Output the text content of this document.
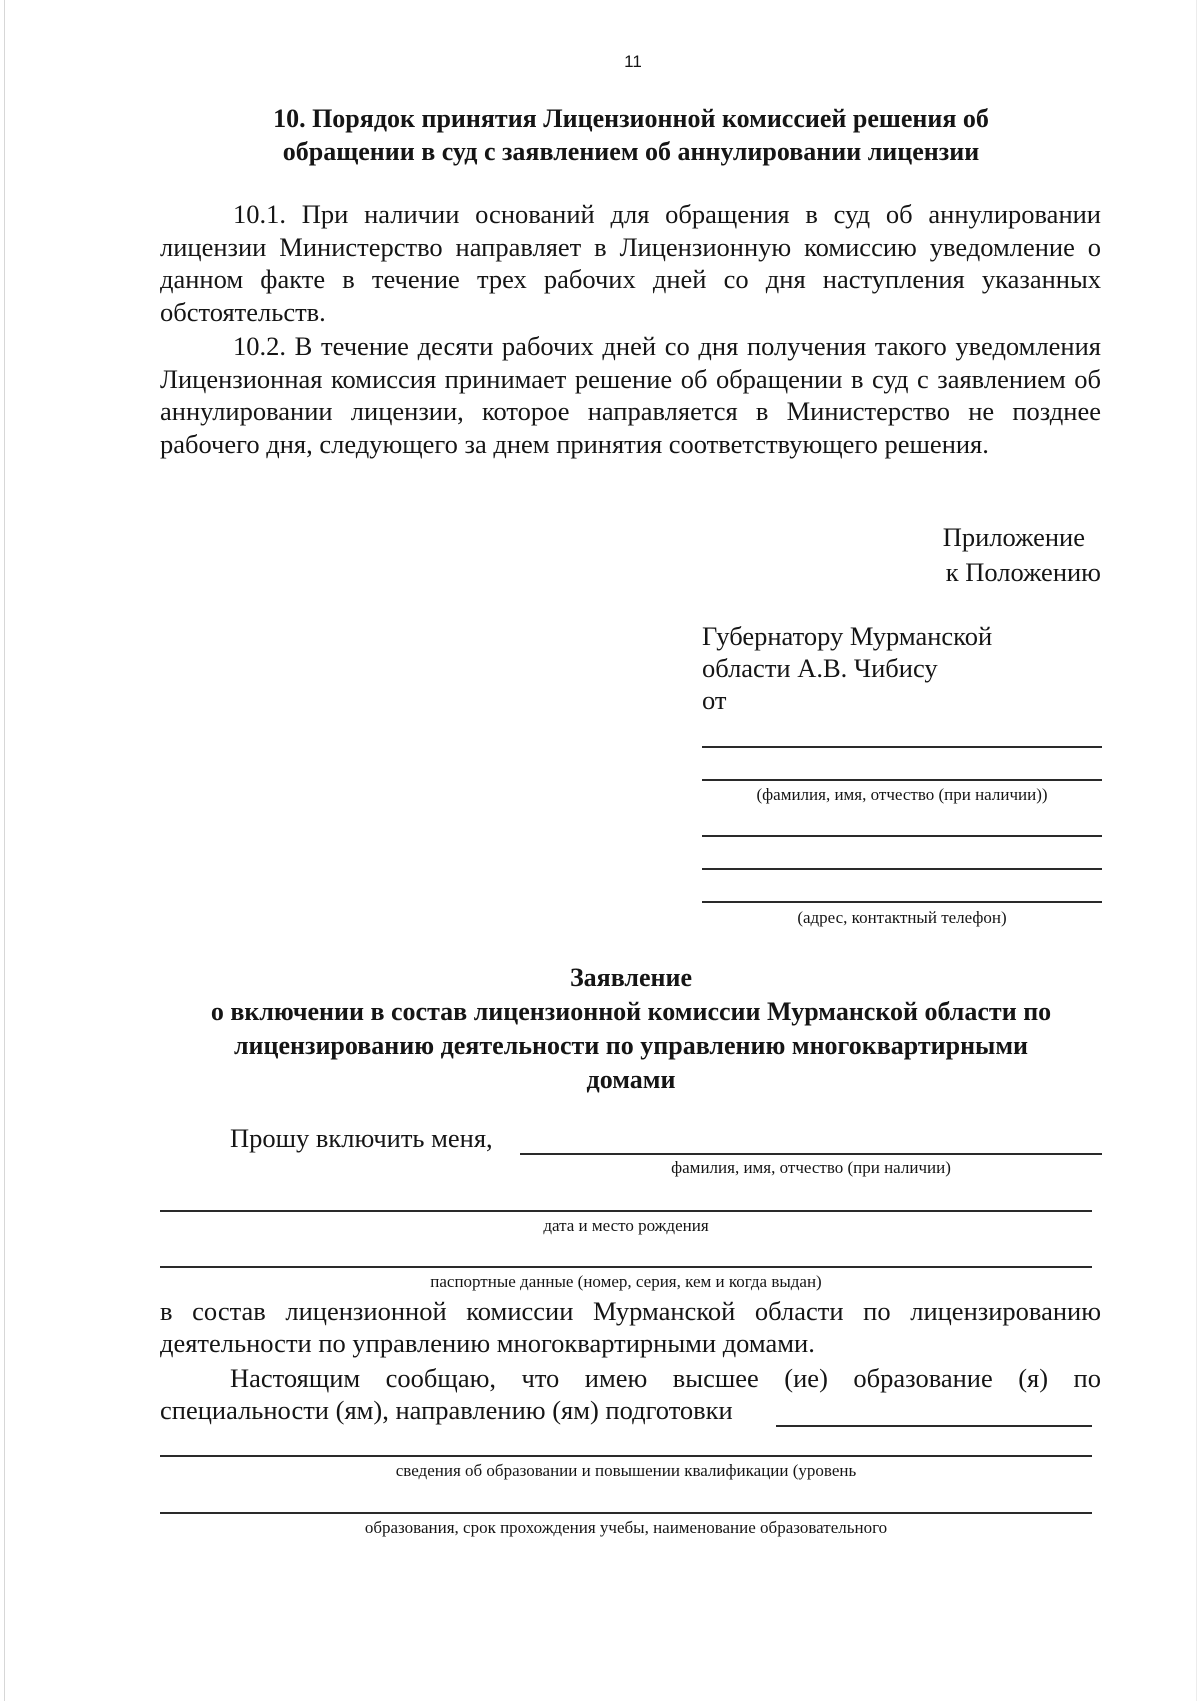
11
10. Порядок принятия Лицензионной комиссией решения об
обращении в суд с заявлением об аннулировании лицензии

10.1. При наличии оснований для обращения в суд об аннулировании лицензии Министерство направляет в Лицензионную комиссию уведомление о данном факте в течение трех рабочих дней со дня наступления указанных обстоятельств.

10.2. В течение десяти рабочих дней со дня получения такого уведомления Лицензионная комиссия принимает решение об обращении в суд с заявлением об аннулировании лицензии, которое направляется в Министерство не позднее рабочего дня, следующего за днем принятия соответствующего решения.

Приложение
к Положению
Губернатору Мурманской
области А.В. Чибису
от
(фамилия, имя, отчество (при наличии))
(адрес, контактный телефон)
Заявление
о включении в состав лицензионной комиссии Мурманской области по
лицензированию деятельности по управлению многоквартирными
домами
Прошу включить меня,
фамилия, имя, отчество (при наличии)
дата и место рождения
паспортные данные (номер, серия, кем и когда выдан)
в состав лицензионной комиссии Мурманской области по лицензированию
деятельности по управлению многоквартирными домами.
Настоящим сообщаю, что имею высшее (ие) образование (я) по
специальности (ям), направлению (ям) подготовки
сведения об образовании и повышении квалификации (уровень
образования, срок прохождения учебы, наименование образовательного
